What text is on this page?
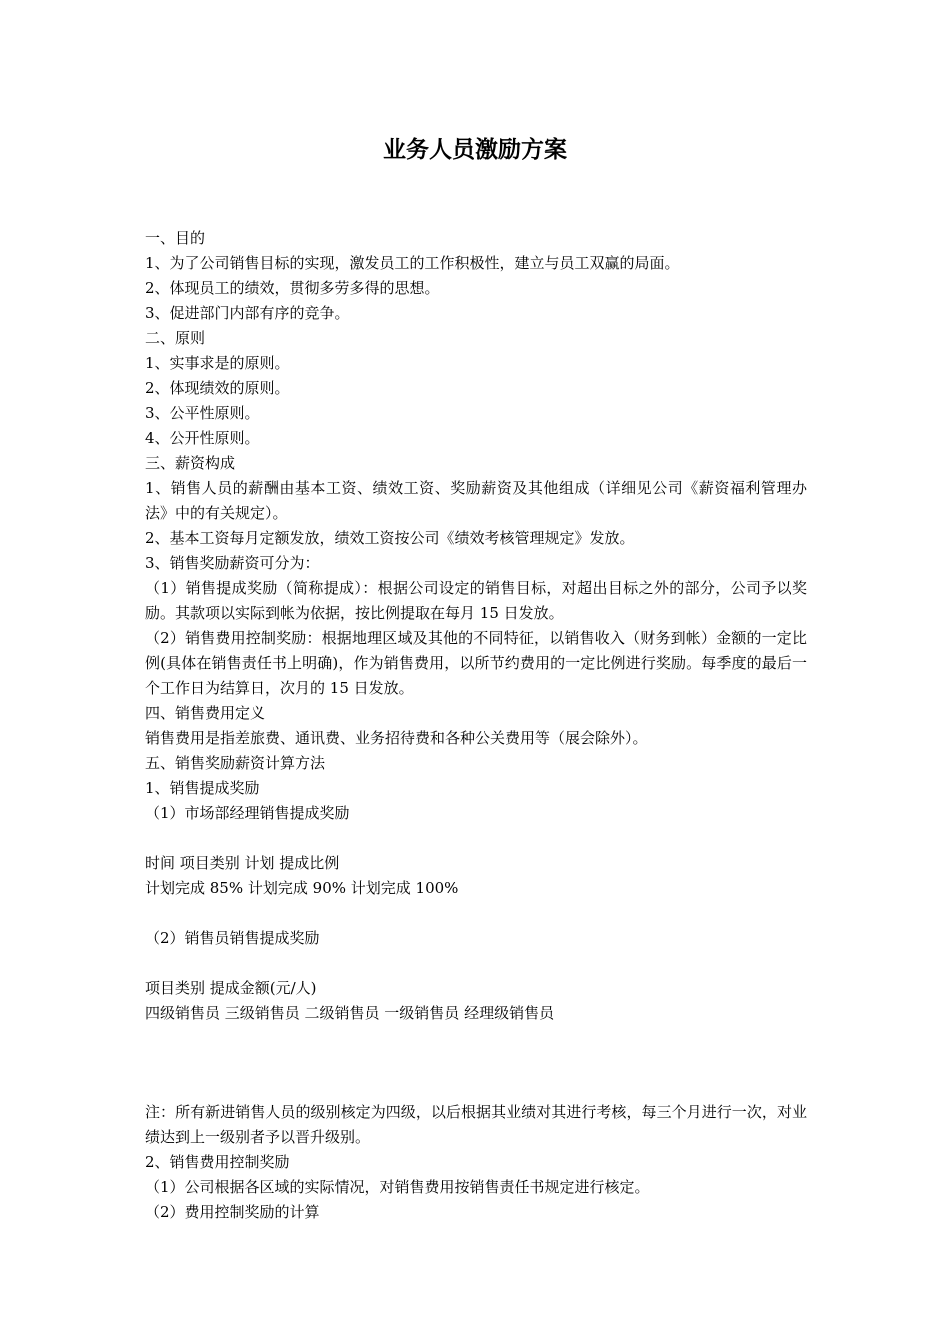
业务人员激励方案

一、目的

1、为了公司销售目标的实现，激发员工的工作积极性，建立与员工双赢的局面。

2、体现员工的绩效，贯彻多劳多得的思想。

3、促进部门内部有序的竞争。

二、原则

1、实事求是的原则。

2、体现绩效的原则。

3、公平性原则。

4、公开性原则。

三、薪资构成

1、销售人员的薪酬由基本工资、绩效工资、奖励薪资及其他组成（详细见公司《薪资福利管理办法》中的有关规定）。

2、基本工资每月定额发放，绩效工资按公司《绩效考核管理规定》发放。

3、销售奖励薪资可分为：

（1）销售提成奖励（简称提成）：根据公司设定的销售目标，对超出目标之外的部分，公司予以奖励。其款项以实际到帐为依据，按比例提取在每月 15 日发放。

（2）销售费用控制奖励：根据地理区域及其他的不同特征，以销售收入（财务到帐）金额的一定比例(具体在销售责任书上明确)，作为销售费用，以所节约费用的一定比例进行奖励。每季度的最后一个工作日为结算日，次月的 15 日发放。

四、销售费用定义

销售费用是指差旅费、通讯费、业务招待费和各种公关费用等（展会除外）。

五、销售奖励薪资计算方法

1、销售提成奖励

（1）市场部经理销售提成奖励

时间 项目类别 计划 提成比例

计划完成 85% 计划完成 90% 计划完成 100%

（2）销售员销售提成奖励

项目类别 提成金额(元/人)

四级销售员 三级销售员 二级销售员 一级销售员 经理级销售员

注：所有新进销售人员的级别核定为四级，以后根据其业绩对其进行考核，每三个月进行一次，对业绩达到上一级别者予以晋升级别。

2、销售费用控制奖励

（1）公司根据各区域的实际情况，对销售费用按销售责任书规定进行核定。

（2）费用控制奖励的计算
